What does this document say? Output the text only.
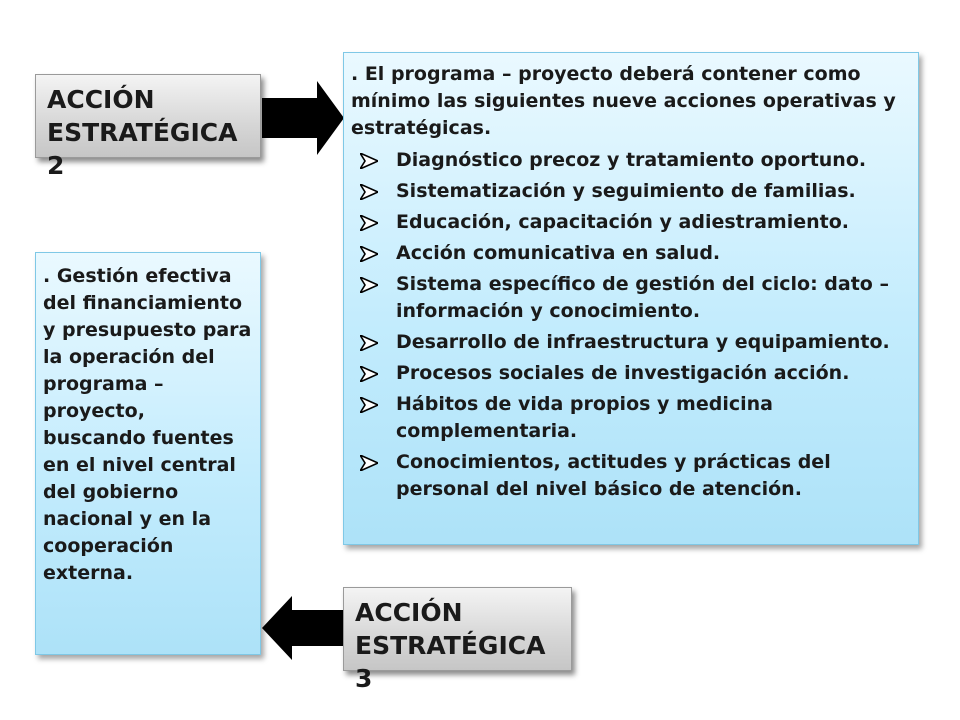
ACCIÓN
ESTRATÉGICA 2

. El programa – proyecto deberá contener como mínimo las siguientes nueve acciones operativas y estratégicas.

Diagnóstico precoz y tratamiento oportuno.
Sistematización y seguimiento de familias.
Educación, capacitación y adiestramiento.
Acción comunicativa en salud.
Sistema específico de gestión del ciclo: dato – información y conocimiento.
Desarrollo de infraestructura y equipamiento.
Procesos sociales de investigación acción.
Hábitos de vida propios y medicina complementaria.
Conocimientos, actitudes y prácticas del personal del nivel básico de atención.
. Gestión efectiva del financiamiento y presupuesto para la operación del programa – proyecto, buscando fuentes en el nivel central del gobierno nacional y en la cooperación externa.
ACCIÓN
ESTRATÉGICA 3
